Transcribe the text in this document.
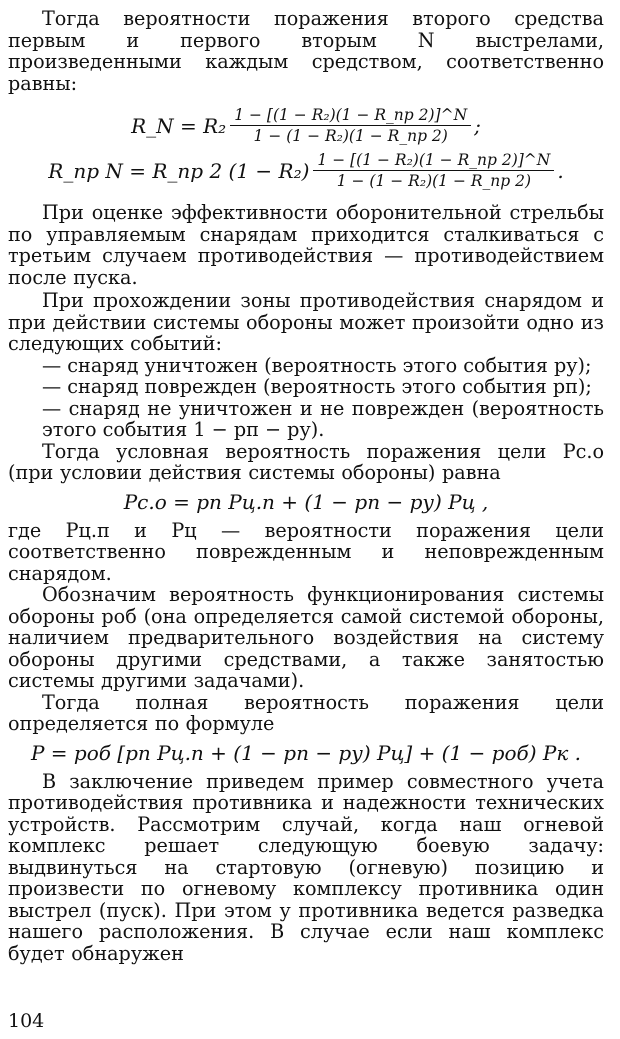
Тогда вероятности поражения второго средства первым и первого вторым N выстрелами, произведенными каждым средством, соответственно равны:

R_N = $R_2 \frac{\text{1 − [(1 − R₂)(1 − R\_пр 2)]\textasciicircum{}N}}{\text{1 − (1 − R₂)(1 − R\_пр 2)}}$ ;
R_пр N = R_пр 2 $(1 - R_2) \frac{\text{1 − [(1 − R₂)(1 − R\_пр 2)]\textasciicircum{}N}}{\text{1 − (1 − R₂)(1 − R\_пр 2)}}$ .

При оценке эффективности оборонительной стрельбы по управляемым снарядам приходится сталкиваться с третьим случаем противодействия — противодействием после пуска.

При прохождении зоны противодействия снарядом и при действии системы обороны может произойти одно из следующих событий:

— снаряд уничтожен (вероятность этого события pу);

— снаряд поврежден (вероятность этого события pп);

— снаряд не уничтожен и не поврежден (вероятность этого события 1 − pп − pу).

Тогда условная вероятность поражения цели Pс.о (при условии действия системы обороны) равна

Pс.о = pп Pц.п + (1 − pп − pу) Pц ,

где Pц.п и Pц — вероятности поражения цели соответственно поврежденным и неповрежденным снарядом.

Обозначим вероятность функционирования системы обороны pоб (она определяется самой системой обороны, наличием предварительного воздействия на систему обороны другими средствами, а также занятостью системы другими задачами).

Тогда полная вероятность поражения цели определяется по формуле

P = pоб [pп Pц.п + (1 − pп − pу) Pц] + (1 − pоб) Pк .

В заключение приведем пример совместного учета противодействия противника и надежности технических устройств. Рассмотрим случай, когда наш огневой комплекс решает следующую боевую задачу: выдвинуться на стартовую (огневую) позицию и произвести по огневому комплексу противника один выстрел (пуск). При этом у противника ведется разведка нашего расположения. В случае если наш комплекс будет обнаружен

104
